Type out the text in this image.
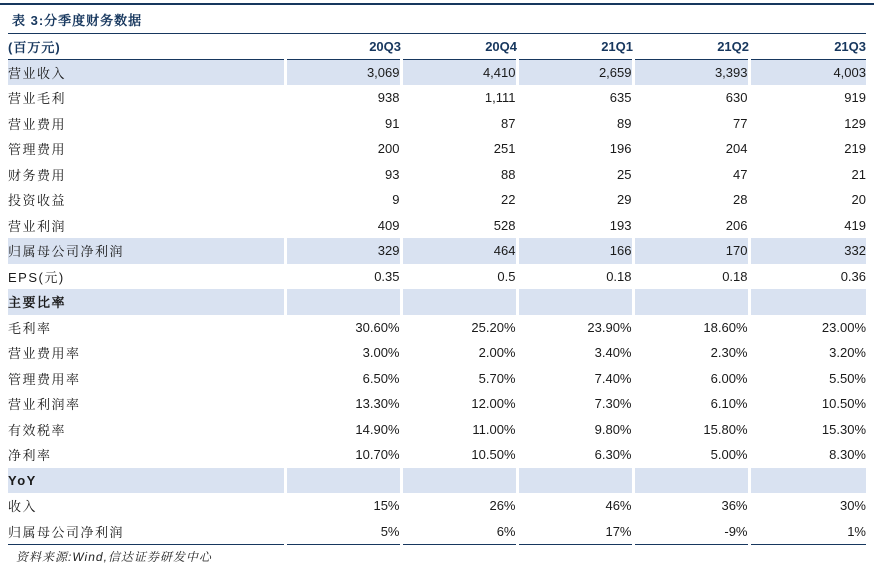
表 3:分季度财务数据
(百万元)	20Q3	20Q4	21Q1	21Q2	21Q3
营业收入	3,069	4,410	2,659	3,393	4,003
营业毛利	938	1,111	635	630	919
营业费用	91	87	89	77	129
管理费用	200	251	196	204	219
财务费用	93	88	25	47	21
投资收益	9	22	29	28	20
营业利润	409	528	193	206	419
归属母公司净利润	329	464	166	170	332
EPS(元)	0.35	0.5	0.18	0.18	0.36
主要比率					
毛利率	30.60%	25.20%	23.90%	18.60%	23.00%
营业费用率	3.00%	2.00%	3.40%	2.30%	3.20%
管理费用率	6.50%	5.70%	7.40%	6.00%	5.50%
营业利润率	13.30%	12.00%	7.30%	6.10%	10.50%
有效税率	14.90%	11.00%	9.80%	15.80%	15.30%
净利率	10.70%	10.50%	6.30%	5.00%	8.30%
YoY					
收入	15%	26%	46%	36%	30%
归属母公司净利润	5%	6%	17%	-9%	1%
资料来源:Wind,信达证券研发中心
